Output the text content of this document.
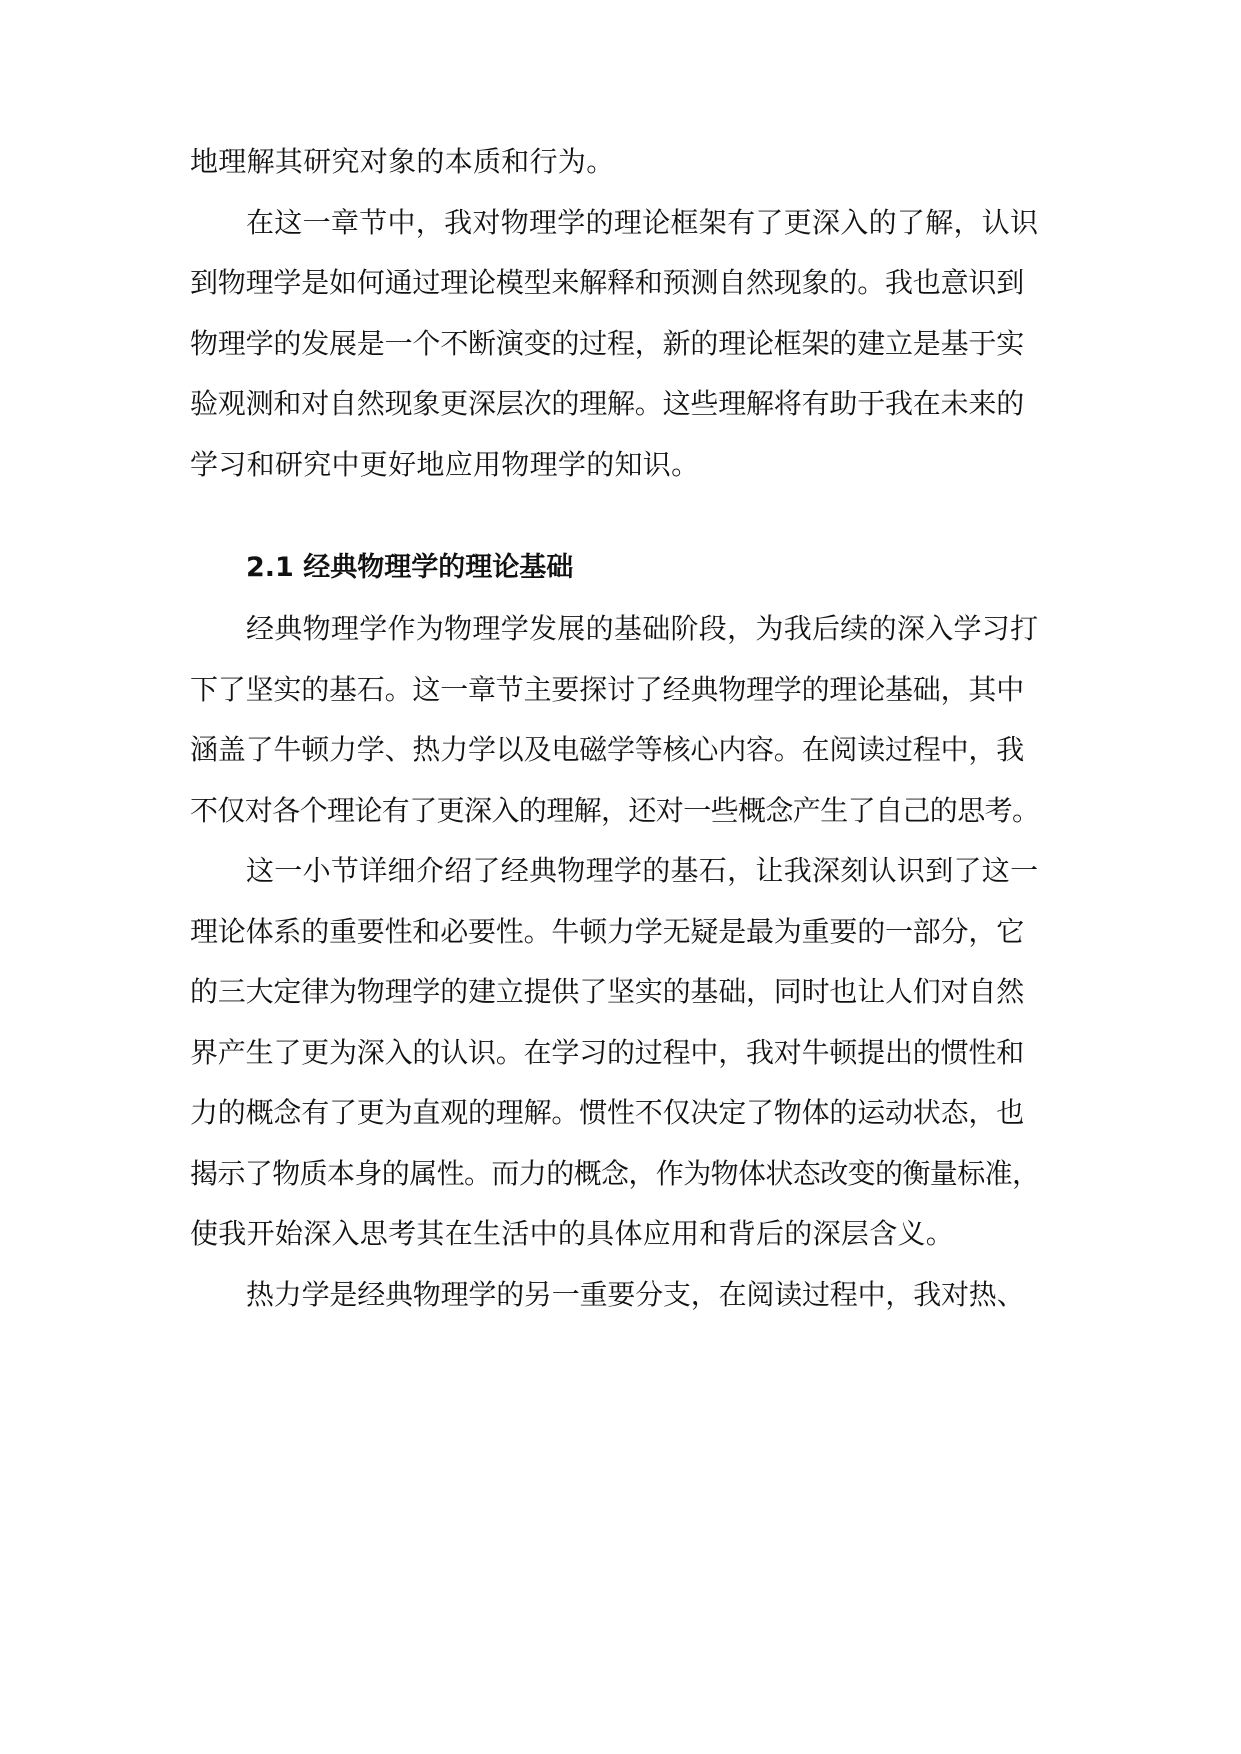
地理解其研究对象的本质和行为。
在这一章节中，我对物理学的理论框架有了更深入的了解，认识
到物理学是如何通过理论模型来解释和预测自然现象的。我也意识到
物理学的发展是一个不断演变的过程，新的理论框架的建立是基于实
验观测和对自然现象更深层次的理解。这些理解将有助于我在未来的
学习和研究中更好地应用物理学的知识。
2.1 经典物理学的理论基础
经典物理学作为物理学发展的基础阶段，为我后续的深入学习打
下了坚实的基石。这一章节主要探讨了经典物理学的理论基础，其中
涵盖了牛顿力学、热力学以及电磁学等核心内容。在阅读过程中，我
不仅对各个理论有了更深入的理解，还对一些概念产生了自己的思考。
这一小节详细介绍了经典物理学的基石，让我深刻认识到了这一
理论体系的重要性和必要性。牛顿力学无疑是最为重要的一部分，它
的三大定律为物理学的建立提供了坚实的基础，同时也让人们对自然
界产生了更为深入的认识。在学习的过程中，我对牛顿提出的惯性和
力的概念有了更为直观的理解。惯性不仅决定了物体的运动状态，也
揭示了物质本身的属性。而力的概念，作为物体状态改变的衡量标准，
使我开始深入思考其在生活中的具体应用和背后的深层含义。
热力学是经典物理学的另一重要分支，在阅读过程中，我对热、
